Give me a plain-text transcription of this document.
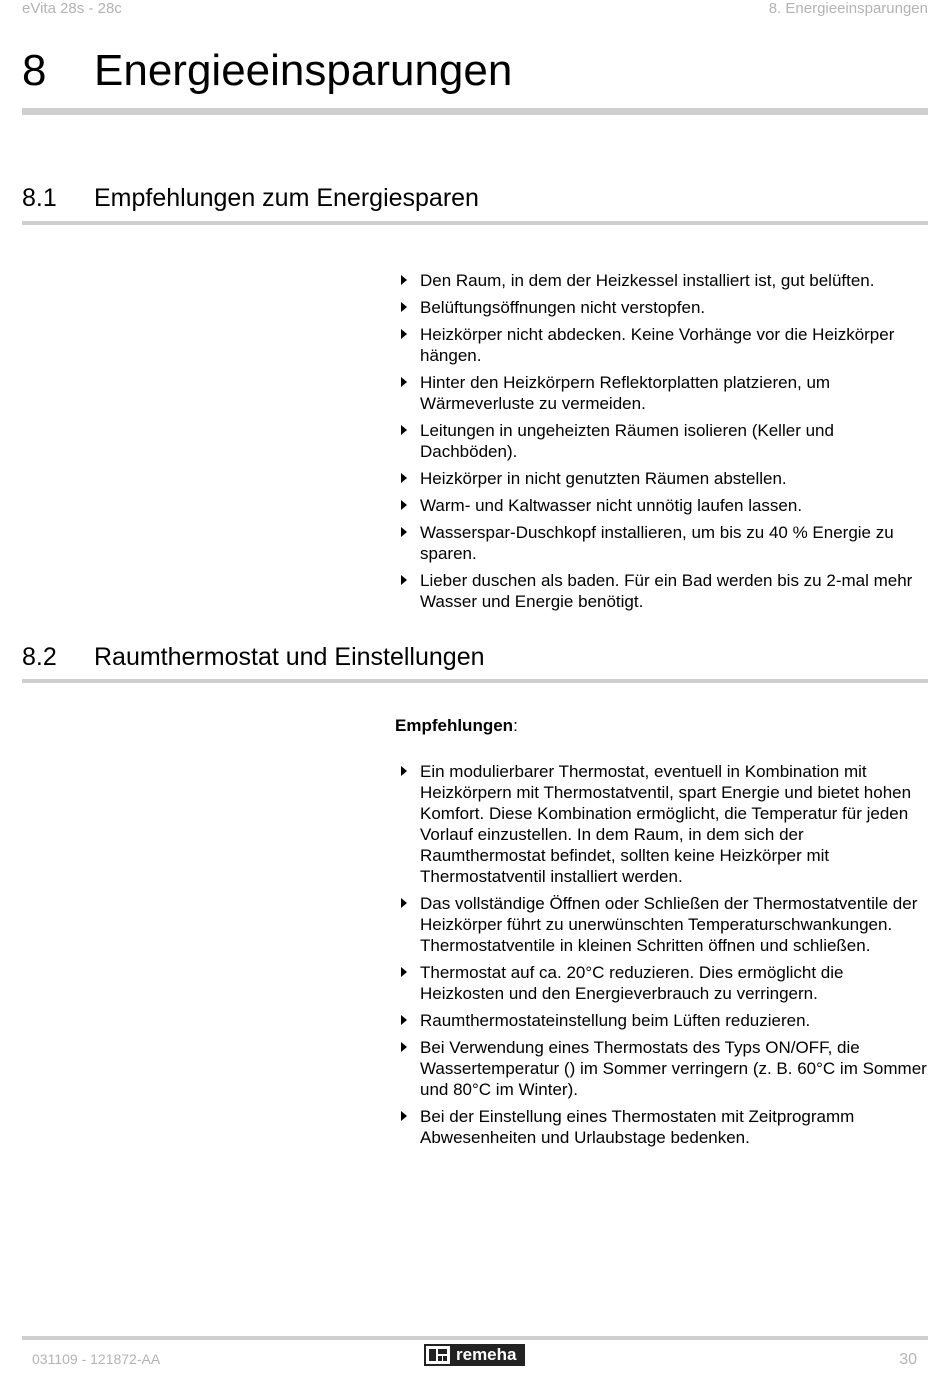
eVita 28s - 28c	8. Energieeinsparungen
8	Energieeinsparungen
8.1	Empfehlungen zum Energiesparen
Den Raum, in dem der Heizkessel installiert ist, gut belüften.
Belüftungsöffnungen nicht verstopfen.
Heizkörper nicht abdecken. Keine Vorhänge vor die Heizkörper hängen.
Hinter den Heizkörpern Reflektorplatten platzieren, um Wärmeverluste zu vermeiden.
Leitungen in ungeheizten Räumen isolieren (Keller und Dachböden).
Heizkörper in nicht genutzten Räumen abstellen.
Warm- und Kaltwasser nicht unnötig laufen lassen.
Wasserspar-Duschkopf installieren, um bis zu 40 % Energie zu sparen.
Lieber duschen als baden. Für ein Bad werden bis zu 2-mal mehr Wasser und Energie benötigt.
8.2	Raumthermostat und Einstellungen
Empfehlungen:
Ein modulierbarer Thermostat, eventuell in Kombination mit Heizkörpern mit Thermostatventil, spart Energie und bietet hohen Komfort. Diese Kombination ermöglicht, die Temperatur für jeden Vorlauf einzustellen. In dem Raum, in dem sich der Raumthermostat befindet, sollten keine Heizkörper mit Thermostatventil installiert werden.
Das vollständige Öffnen oder Schließen der Thermostatventile der Heizkörper führt zu unerwünschten Temperaturschwankungen. Thermostatventile in kleinen Schritten öffnen und schließen.
Thermostat auf ca. 20°C reduzieren. Dies ermöglicht die Heizkosten und den Energieverbrauch zu verringern.
Raumthermostateinstellung beim Lüften reduzieren.
Bei Verwendung eines Thermostats des Typs ON/OFF, die Wassertemperatur () im Sommer verringern (z. B. 60°C im Sommer und 80°C im Winter).
Bei der Einstellung eines Thermostaten mit Zeitprogramm Abwesenheiten und Urlaubstage bedenken.
031109 - 121872-AA	remeha	30
